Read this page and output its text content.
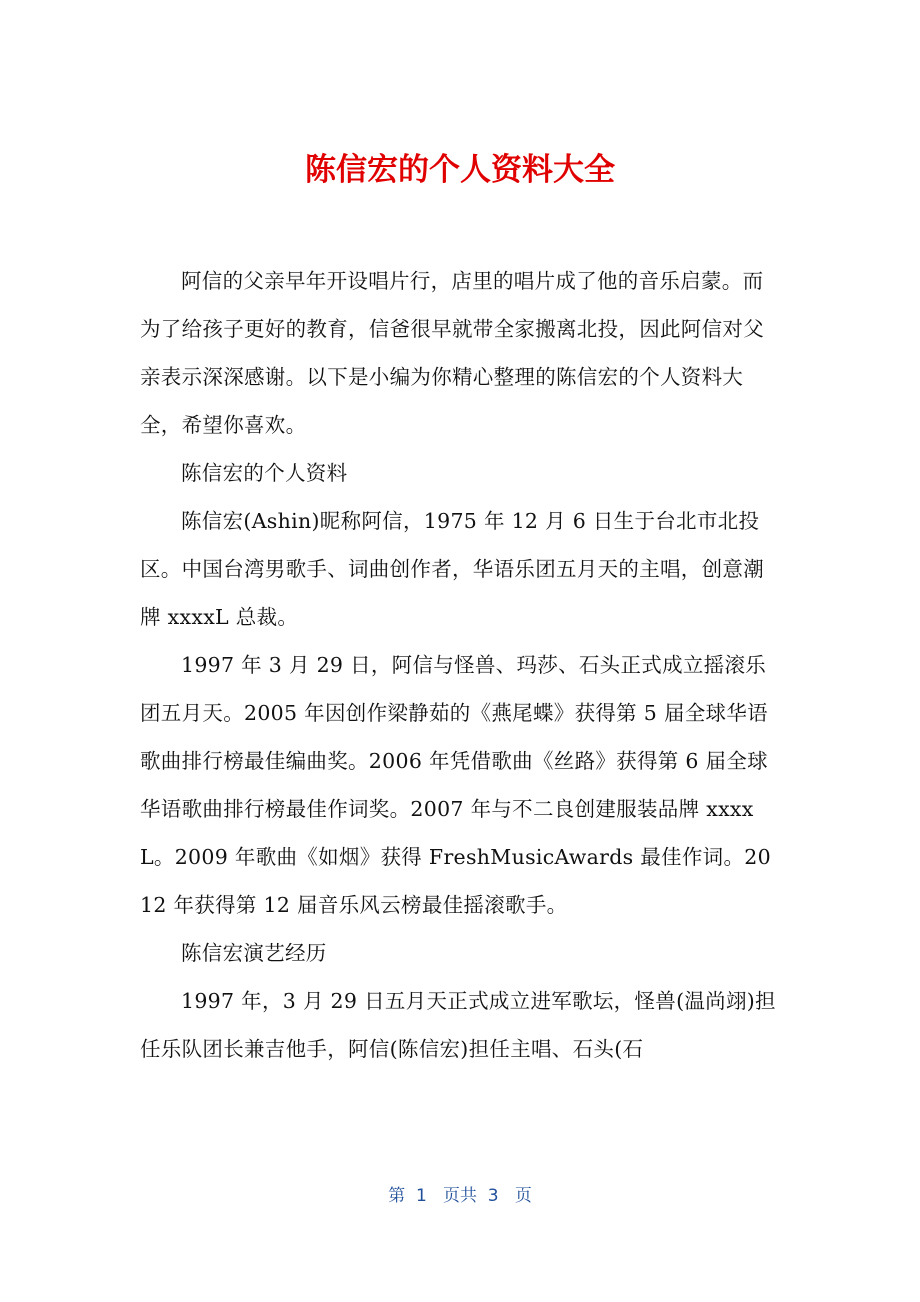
陈信宏的个人资料大全

阿信的父亲早年开设唱片行，店里的唱片成了他的音乐启蒙。而为了给孩子更好的教育，信爸很早就带全家搬离北投，因此阿信对父亲表示深深感谢。以下是小编为你精心整理的陈信宏的个人资料大全，希望你喜欢。

陈信宏的个人资料

陈信宏(Ashin)昵称阿信，1975 年 12 月 6 日生于台北市北投区。中国台湾男歌手、词曲创作者，华语乐团五月天的主唱，创意潮牌 xxxxL 总裁。

1997 年 3 月 29 日，阿信与怪兽、玛莎、石头正式成立摇滚乐团五月天。2005 年因创作梁静茹的《燕尾蝶》获得第 5 届全球华语歌曲排行榜最佳编曲奖。2006 年凭借歌曲《丝路》获得第 6 届全球华语歌曲排行榜最佳作词奖。2007 年与不二良创建服装品牌 xxxxL。2009 年歌曲《如烟》获得 FreshMusicAwards 最佳作词。2012 年获得第 12 届音乐风云榜最佳摇滚歌手。

陈信宏演艺经历

1997 年，3 月 29 日五月天正式成立进军歌坛，怪兽(温尚翊)担任乐队团长兼吉他手，阿信(陈信宏)担任主唱、石头(石

第  1   页共  3   页
